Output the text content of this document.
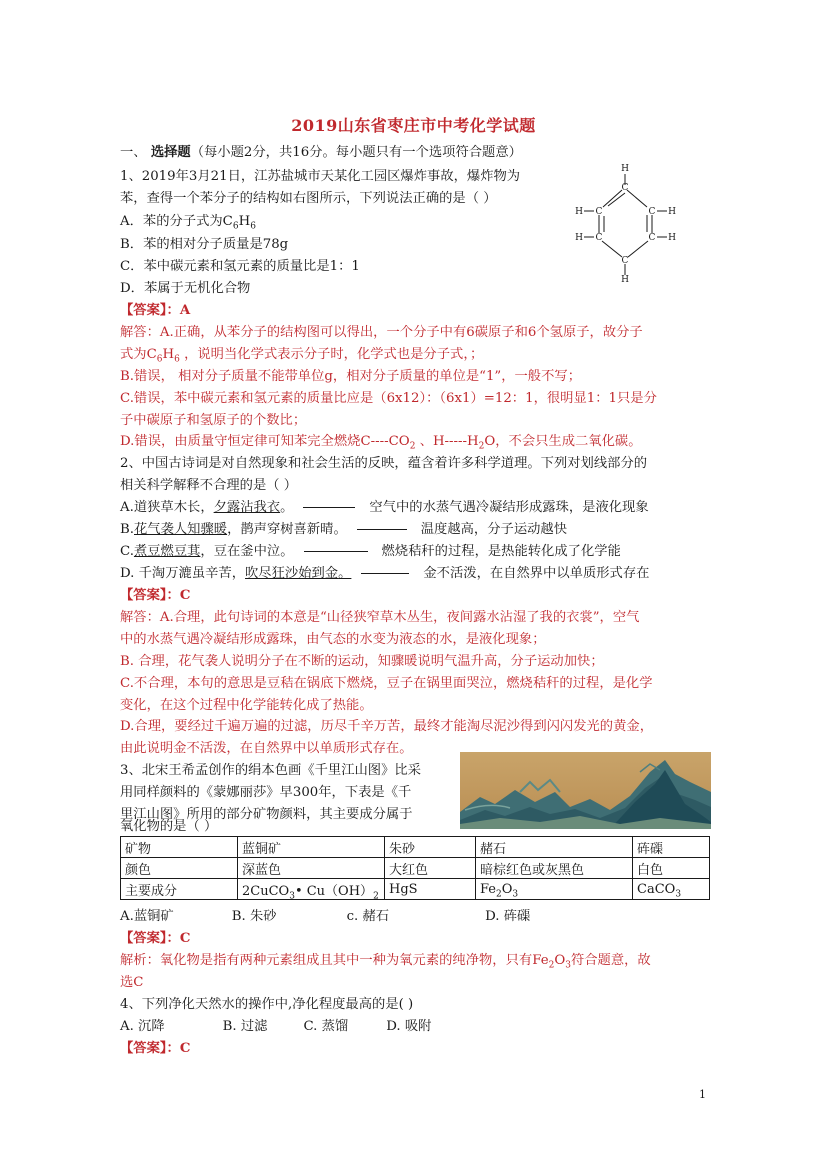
2019山东省枣庄市中考化学试题
一、 选择题（每小题2分，共16分。每小题只有一个选项符合题意）
1、2019年3月21日，江苏盐城市天某化工园区爆炸事故，爆炸物为
苯，查得一个苯分子的结构如右图所示，下列说法正确的是（ ）
A．苯的分子式为$C_6H_6$
B．苯的相对分子质量是78g
C．苯中碳元素和氢元素的质量比是1：1
D．苯属于无机化合物
【答案】：A
解答：A.正确，从苯分子的结构图可以得出，一个分子中有6碳原子和6个氢原子，故分子
式为$C_6H_6$ ，说明当化学式表示分子时，化学式也是分子式，；
B.错误， 相对分子质量不能带单位g，相对分子质量的单位是“1”，一般不写；
C.错误，苯中碳元素和氢元素的质量比应是（6x12）：（6x1）=12：1，很明显1：1只是分
子中碳原子和氢原子的个数比；
D.错误，由质量守恒定律可知苯完全燃烧$C----CO_2$ 、$H-----H_2O$，不会只生成二氧化碳。
H
C
H C	C H
H C	C H
C
H
2、中国古诗词是对自然现象和社会生活的反映，蕴含着许多科学道理。下列对划线部分的
相关科学解释不合理的是（ ）
A.道狭草木长，夕露沾我衣。	空气中的水蒸气遇冷凝结形成露珠，是液化现象
B.花气袭人知骤暖，鹊声穿树喜新晴。	温度越高，分子运动越快
C.煮豆燃豆萁，豆在釜中泣。	燃烧秸秆的过程，是热能转化成了化学能
D. 千淘万漉虽辛苦，吹尽狂沙始到金。	金不活泼，在自然界中以单质形式存在
【答案】：C
解答：A.合理，此句诗词的本意是“山径狭窄草木丛生，夜间露水沾湿了我的衣裳”，空气
中的水蒸气遇冷凝结形成露珠，由气态的水变为液态的水，是液化现象；
B. 合理，花气袭人说明分子在不断的运动，知骤暖说明气温升高，分子运动加快；
C.不合理，本句的意思是豆秸在锅底下燃烧，豆子在锅里面哭泣，燃烧秸秆的过程，是化学
变化，在这个过程中化学能转化成了热能。
D.合理，要经过千遍万遍的过滤，历尽千辛万苦，最终才能淘尽泥沙得到闪闪发光的黄金，
由此说明金不活泼，在自然界中以单质形式存在。
3、北宋王希孟创作的绢本色画《千里江山图》比采
用同样颜料的《蒙娜丽莎》早300年，下表是《千
里江山图》所用的部分矿物颜料，其主要成分属于
氧化物的是（ ）
矿物	蓝铜矿	朱砂	赭石	砗磲
颜色	深蓝色	大红色	暗棕红色或灰黑色	白色
主要成分	2CuCO$_3$• $Cu(OH)_2$	HgS	$Fe_2O_3$	CaCO$_3$
A.蓝铜矿	B. 朱砂	c. 赭石	D. 砗磲
【答案】：C
解析：氧化物是指有两种元素组成且其中一种为氧元素的纯净物，只有$Fe_2O_3$符合题意，故
选C
4、下列净化天然水的操作中,净化程度最高的是( )
A. 沉降	B. 过滤	C. 蒸馏	D. 吸附
【答案】：C
1
